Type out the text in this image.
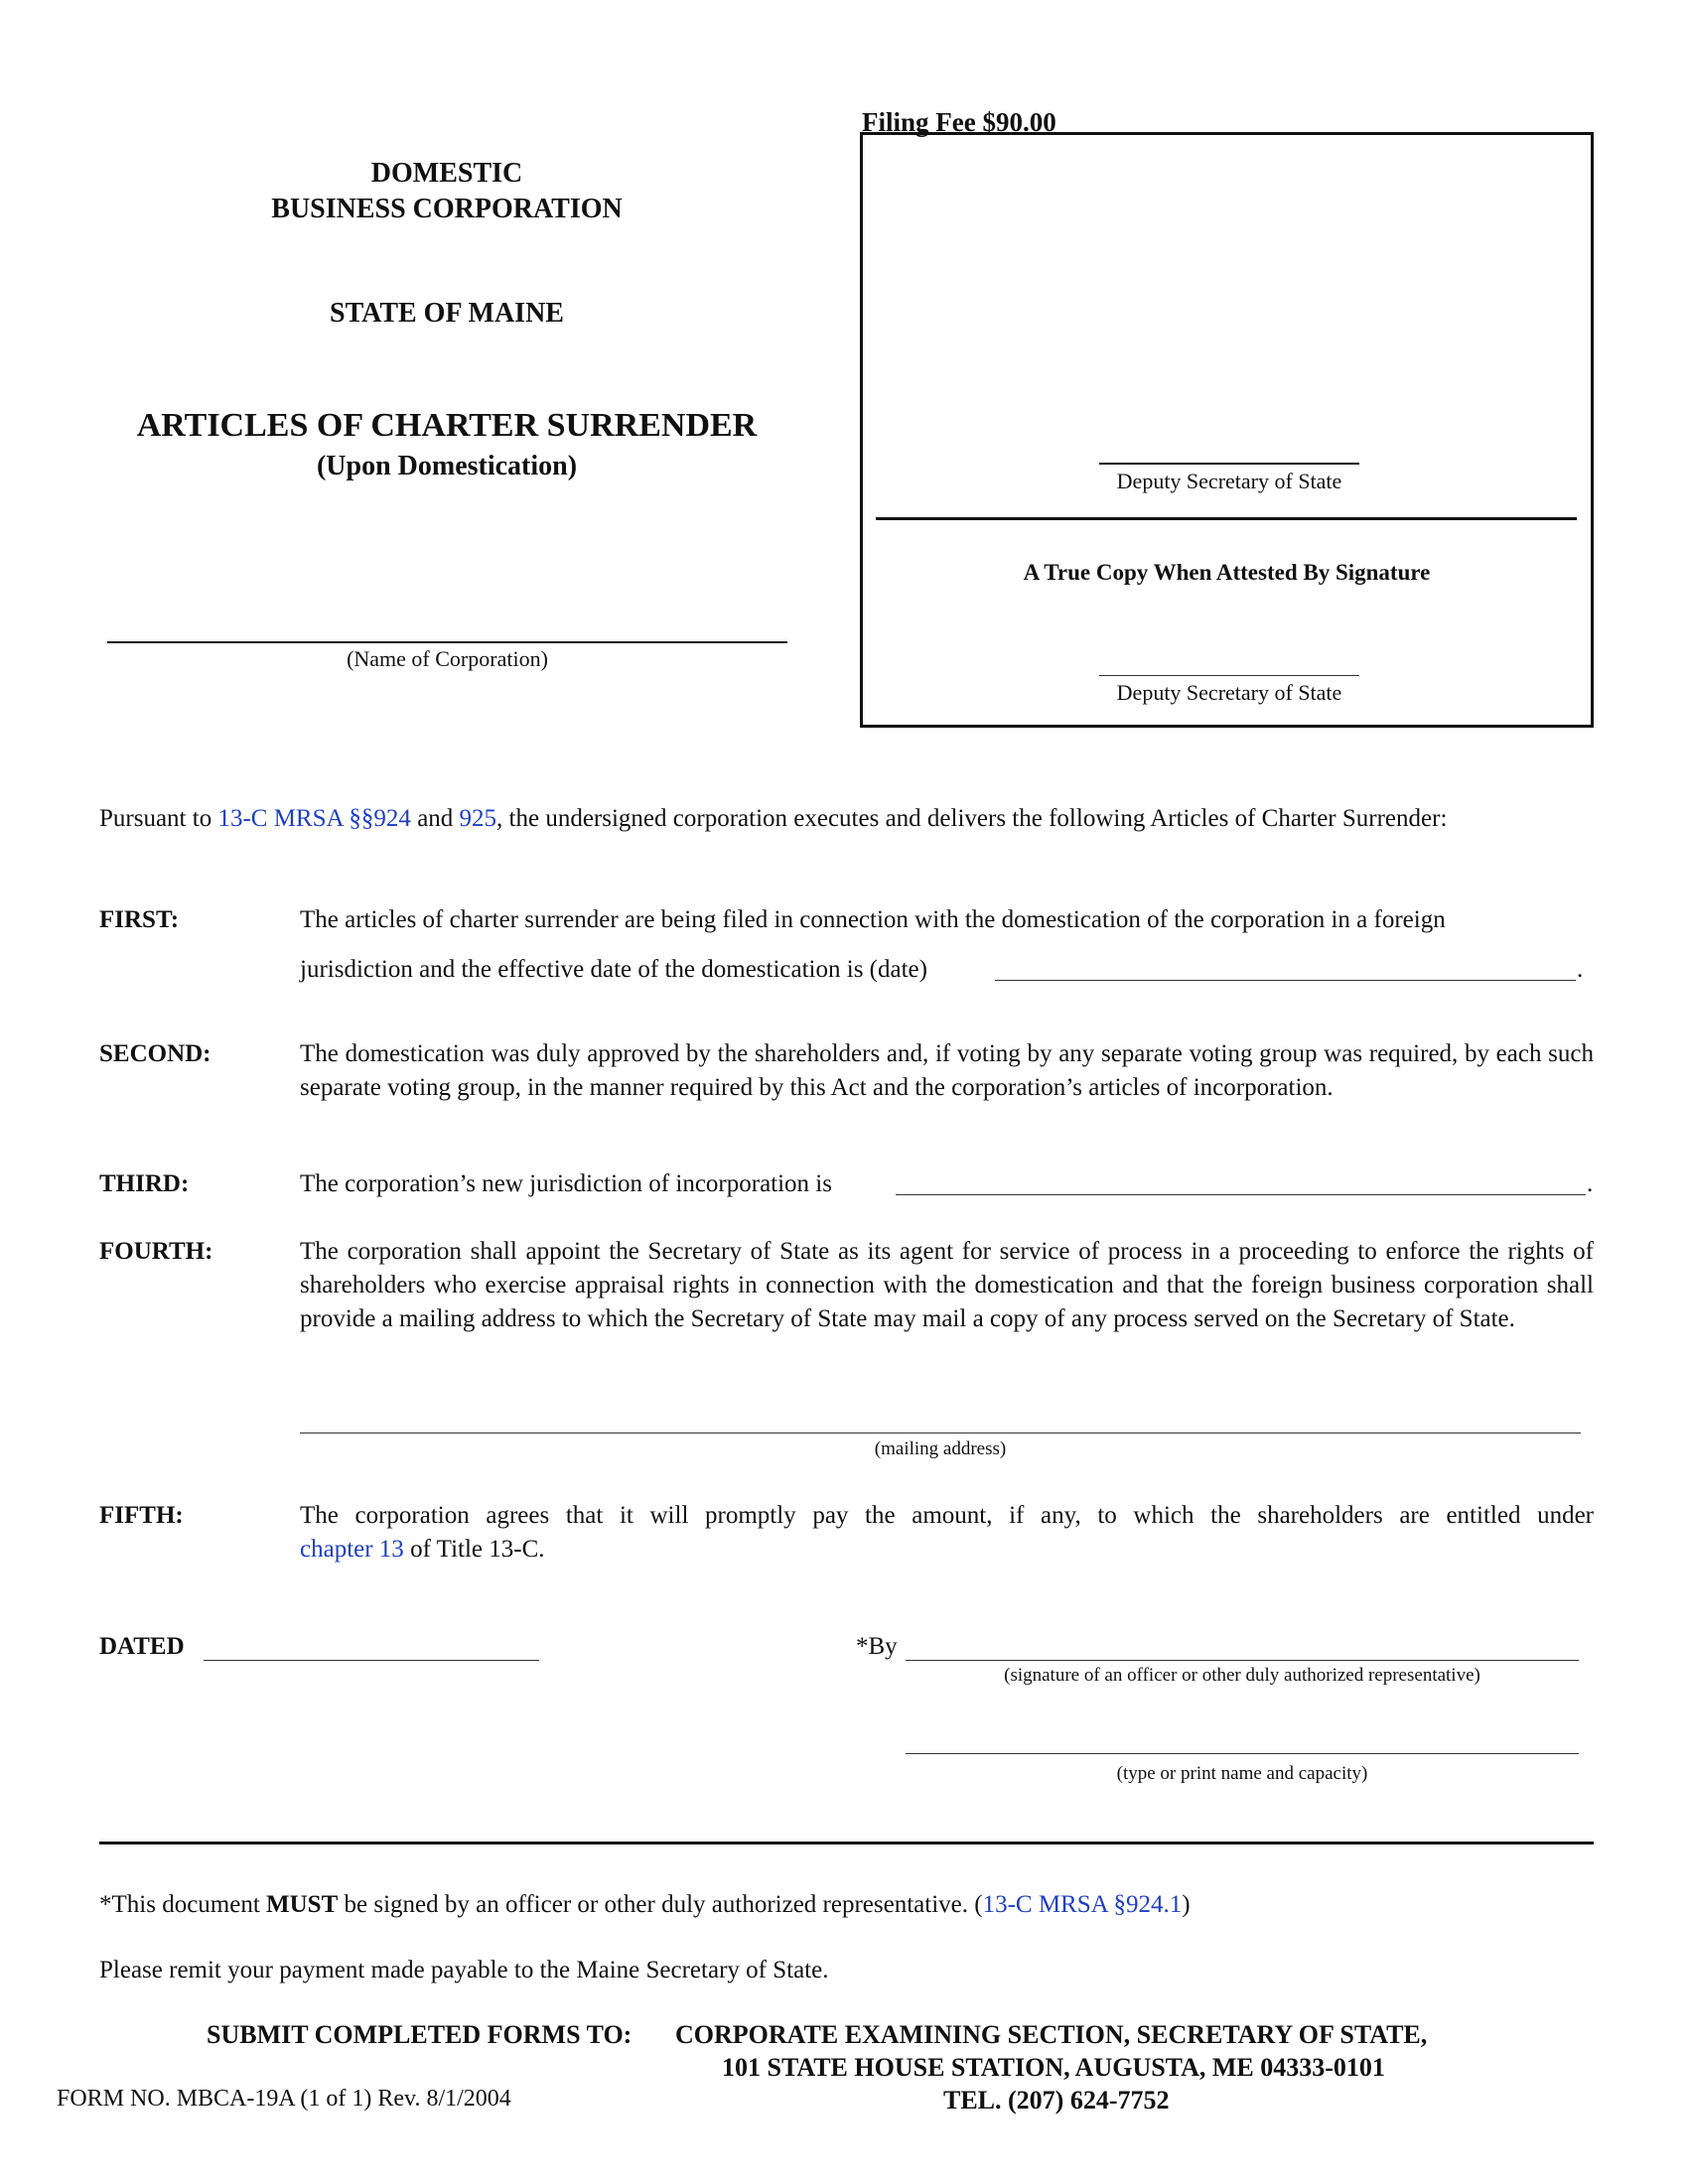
DOMESTIC
BUSINESS CORPORATION
STATE OF MAINE
ARTICLES OF CHARTER SURRENDER
(Upon Domestication)
(Name of Corporation)
Filing Fee $90.00
Deputy Secretary of State
A True Copy When Attested By Signature
Deputy Secretary of State
Pursuant to 13-C MRSA §§924 and 925, the undersigned corporation executes and delivers the following Articles of Charter Surrender:
FIRST:	The articles of charter surrender are being filed in connection with the domestication of the corporation in a foreign
jurisdiction and the effective date of the domestication is (date)	.
SECOND:	The domestication was duly approved by the shareholders and, if voting by any separate voting group was required, by each such separate voting group, in the manner required by this Act and the corporation’s articles of incorporation.
THIRD:	The corporation’s new jurisdiction of incorporation is	.
FOURTH:	The corporation shall appoint the Secretary of State as its agent for service of process in a proceeding to enforce the rights of shareholders who exercise appraisal rights in connection with the domestication and that the foreign business corporation shall provide a mailing address to which the Secretary of State may mail a copy of any process served on the Secretary of State.
(mailing address)
FIFTH:	The corporation agrees that it will promptly pay the amount, if any, to which the shareholders are entitled under
chapter 13 of Title 13-C.
DATED	*By
(signature of an officer or other duly authorized representative)
(type or print name and capacity)
*This document MUST be signed by an officer or other duly authorized representative. (13-C MRSA §924.1)
Please remit your payment made payable to the Maine Secretary of State.
SUBMIT COMPLETED FORMS TO: CORPORATE EXAMINING SECTION, SECRETARY OF STATE,
101 STATE HOUSE STATION, AUGUSTA, ME 04333-0101
FORM NO. MBCA-19A (1 of 1) Rev. 8/1/2004	TEL. (207) 624-7752
